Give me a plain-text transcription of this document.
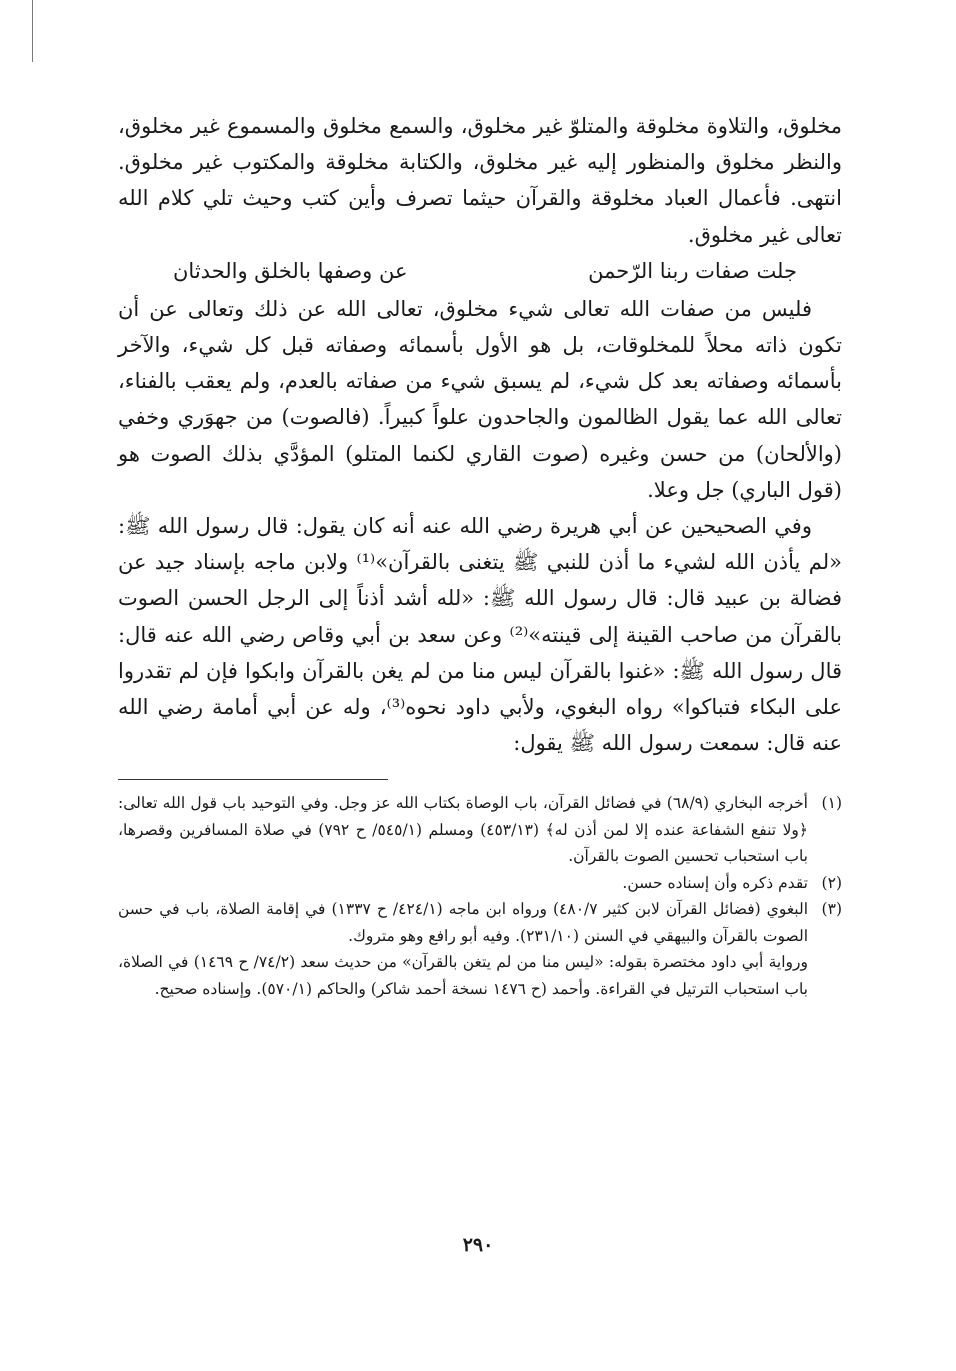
مخلوق، والتلاوة مخلوقة والمتلوّ غير مخلوق، والسمع مخلوق والمسموع غير مخلوق، والنظر مخلوق والمنظور إليه غير مخلوق، والكتابة مخلوقة والمكتوب غير مخلوق. انتهى. فأعمال العباد مخلوقة والقرآن حيثما تصرف وأين كتب وحيث تلي كلام الله تعالى غير مخلوق.

جلت صفات ربنا الرّحمن
عن وصفها بالخلق والحدثان

فليس من صفات الله تعالى شيء مخلوق، تعالى الله عن ذلك وتعالى عن أن تكون ذاته محلاً للمخلوقات، بل هو الأول بأسمائه وصفاته قبل كل شيء، والآخر بأسمائه وصفاته بعد كل شيء، لم يسبق شيء من صفاته بالعدم، ولم يعقب بالفناء، تعالى الله عما يقول الظالمون والجاحدون علواً كبيراً. (فالصوت) من جهوَري وخفي (والألحان) من حسن وغيره (صوت القاري لكنما المتلو) المؤدَّي بذلك الصوت هو (قول الباري) جل وعلا.

وفي الصحيحين عن أبي هريرة رضي الله عنه أنه كان يقول: قال رسول الله ﷺ: «لم يأذن الله لشيء ما أذن للنبي ﷺ يتغنى بالقرآن»⁽¹⁾ ولابن ماجه بإسناد جيد عن فضالة بن عبيد قال: قال رسول الله ﷺ: «لله أشد أذناً إلى الرجل الحسن الصوت بالقرآن من صاحب القينة إلى قينته»⁽²⁾ وعن سعد بن أبي وقاص رضي الله عنه قال: قال رسول الله ﷺ: «غنوا بالقرآن ليس منا من لم يغن بالقرآن وابكوا فإن لم تقدروا على البكاء فتباكوا» رواه البغوي، ولأبي داود نحوه⁽³⁾، وله عن أبي أمامة رضي الله عنه قال: سمعت رسول الله ﷺ يقول:

(١)
أخرجه البخاري (٦٨/٩) في فضائل القرآن، باب الوصاة بكتاب الله عز وجل. وفي التوحيد باب قول الله تعالى: ﴿ولا تنفع الشفاعة عنده إلا لمن أذن له﴾ (٤٥٣/١٣) ومسلم (٥٤٥/١/ ح ٧٩٢) في صلاة المسافرين وقصرها، باب استحباب تحسين الصوت بالقرآن.
(٢)
تقدم ذكره وأن إسناده حسن.
(٣)
البغوي (فضائل القرآن لابن كثير ٤٨٠/٧) ورواه ابن ماجه (٤٢٤/١/ ح ١٣٣٧) في إقامة الصلاة، باب في حسن الصوت بالقرآن والبيهقي في السنن (٢٣١/١٠). وفيه أبو رافع وهو متروك.
ورواية أبي داود مختصرة بقوله: «ليس منا من لم يتغن بالقرآن» من حديث سعد (٧٤/٢/ ح ١٤٦٩) في الصلاة، باب استحباب الترتيل في القراءة. وأحمد (ح ١٤٧٦ نسخة أحمد شاكر) والحاكم (٥٧٠/١). وإسناده صحيح.
٢٩٠
